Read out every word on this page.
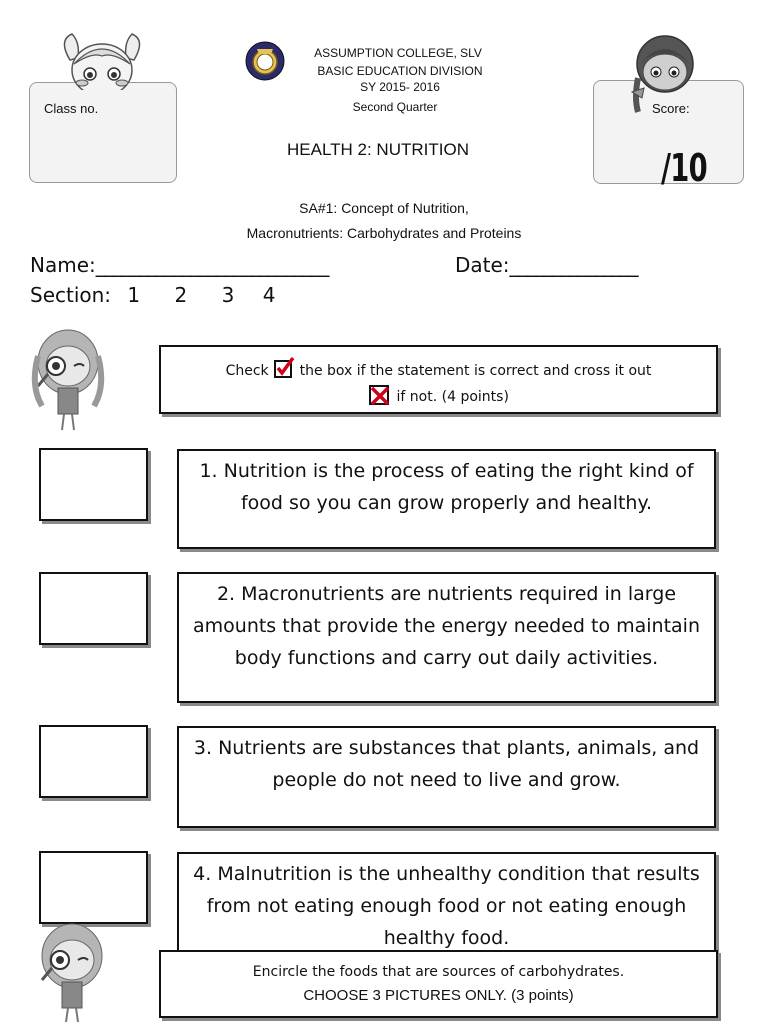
Class no.	Score:
/10
ASSUMPTION COLLEGE, SLV
BASIC EDUCATION DIVISION
SY 2015- 2016
Second Quarter
HEALTH 2: NUTRITION
SA#1: Concept of Nutrition,
Macronutrients: Carbohydrates and Proteins
Name:___________________________	Date:_______________
Section: 1 2 3 4
Check the box if the statement is correct and cross it out
if not. (4 points)
1. Nutrition is the process of eating the right kind of food so you can grow properly and healthy.
2. Macronutrients are nutrients required in large amounts that provide the energy needed to maintain body functions and carry out daily activities.
3. Nutrients are substances that plants, animals, and people do not need to live and grow.
4. Malnutrition is the unhealthy condition that results from not eating enough food or not eating enough healthy food.
Encircle the foods that are sources of carbohydrates.
CHOOSE 3 PICTURES ONLY. (3 points)
